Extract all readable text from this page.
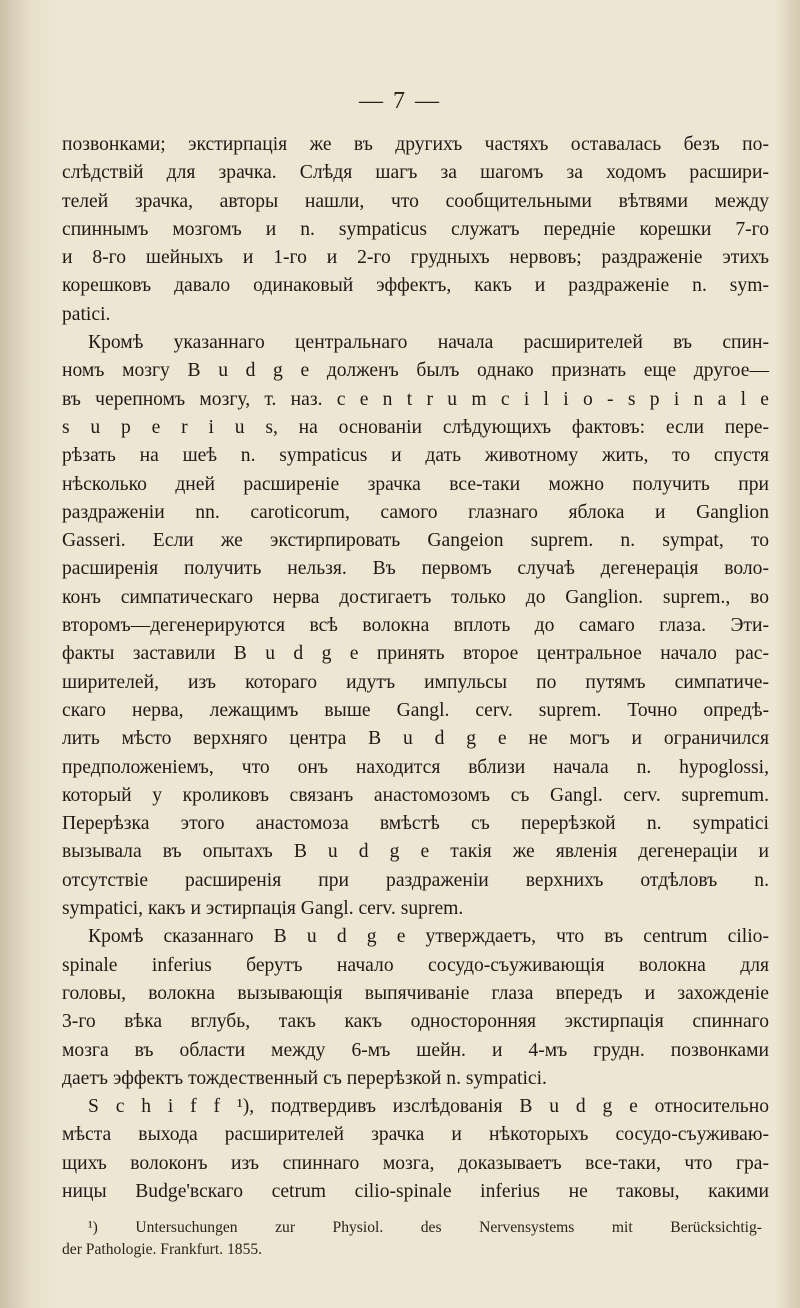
— 7 —
позвонками; экстирпація же въ другихъ частяхъ оставалась безъ по-
слѣдствій для зрачка. Слѣдя шагъ за шагомъ за ходомъ расшири-
телей зрачка, авторы нашли, что сообщительными вѣтвями между
спиннымъ мозгомъ и n. sympaticus служатъ передніе корешки 7-го
и 8-го шейныхъ и 1-го и 2-го грудныхъ нервовъ; раздраженіе этихъ
корешковъ давало одинаковый эффектъ, какъ и раздраженіе n. sym-
paticі.
Кромѣ указаннаго центральнаго начала расширителей въ спин-
номъ мозгу B u d g e долженъ былъ однако признать еще другое—
въ черепномъ мозгу, т. наз. c e n t r u m c i l i o - s p i n a l e
s u p e r i u s, на основаніи слѣдующихъ фактовъ: если пере-
рѣзать на шеѣ n. sympaticus и дать животному жить, то спустя
нѣсколько дней расширеніе зрачка все-таки можно получить при
раздраженіи nn. caroticorum, самого глазнаго яблока и Ganglion
Gasseri. Если же экстирпировать Gangeion suprem. n. sympat, то
расширенія получить нельзя. Въ первомъ случаѣ дегенерація воло-
конъ симпатическаго нерва достигаетъ только до Ganglion. suprem., во
второмъ—дегенерируются всѣ волокна вплоть до самаго глаза. Эти-
факты заставили B u d g e принять второе центральное начало рас-
ширителей, изъ котораго идутъ импульсы по путямъ симпатиче-
скаго нерва, лежащимъ выше Gangl. cerv. suprem. Точно опредѣ-
лить мѣсто верхняго центра B u d g e не могъ и ограничился
предположеніемъ, что онъ находится вблизи начала n. hypoglossi,
который у кроликовъ связанъ анастомозомъ съ Gangl. cerv. supremum.
Перерѣзка этого анастомоза вмѣстѣ съ перерѣзкой n. sympaticі
вызывала въ опытахъ B u d g e такія же явленія дегенераціи и
отсутствіе расширенія при раздраженіи верхнихъ отдѣловъ n.
sympaticі, какъ и эстирпація Gangl. cerv. suprem.
Кромѣ сказаннаго B u d g e утверждаетъ, что въ centrum cilio-
spinale inferius берутъ начало сосудо-съуживающія волокна для
головы, волокна вызывающія выпячиваніе глаза впередъ и захожденіе
3-го вѣка вглубь, такъ какъ односторонняя экстирпація спиннаго
мозга въ области между 6-мъ шейн. и 4-мъ грудн. позвонками
даетъ эффектъ тождественный съ перерѣзкой n. sympaticі.
S c h i f f ¹), подтвердивъ изслѣдованія B u d g e относительно
мѣста выхода расширителей зрачка и нѣкоторыхъ сосудо-съуживаю-
щихъ волоконъ изъ спиннаго мозга, доказываетъ все-таки, что гра-
ницы Budge'вскаго cetrum cilio-spinale inferius не таковы, какими
¹) Untersuchungen zur Physiol. des Nervensystems mit Berücksichtig-
der Pathologie. Frankfurt. 1855.
